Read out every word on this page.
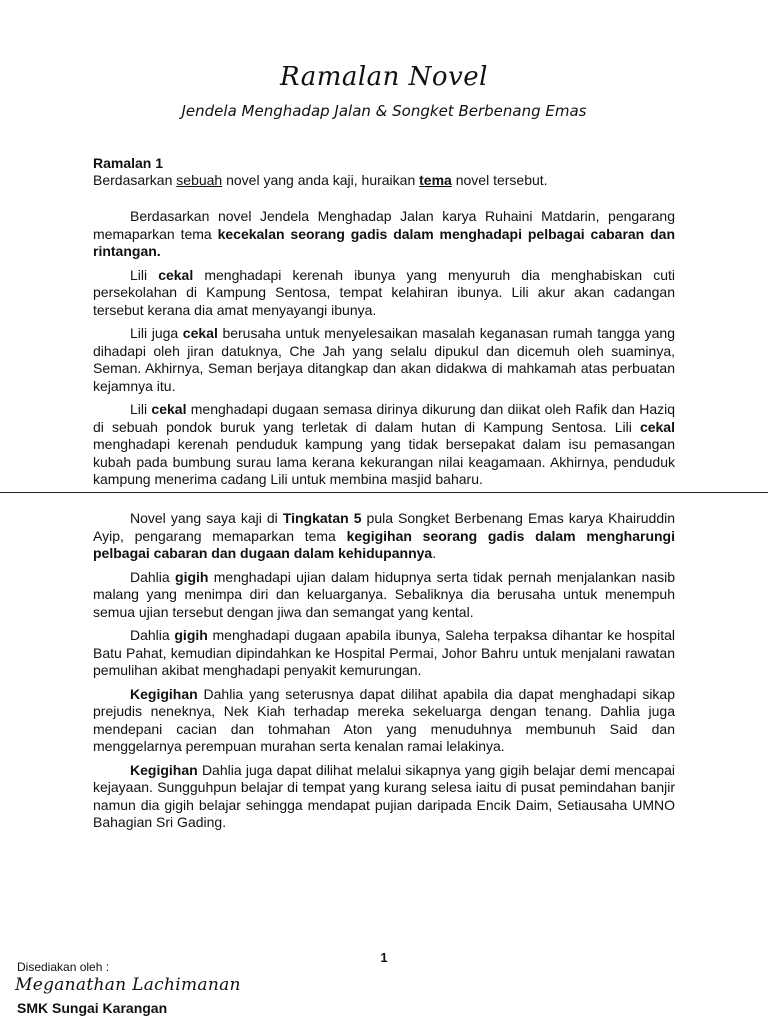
Ramalan Novel
Jendela Menghadap Jalan & Songket Berbenang Emas
Ramalan 1
Berdasarkan sebuah novel yang anda kaji, huraikan tema novel tersebut.

Berdasarkan novel Jendela Menghadap Jalan karya Ruhaini Matdarin, pengarang memaparkan tema kecekalan seorang gadis dalam menghadapi pelbagai cabaran dan rintangan.

Lili cekal menghadapi kerenah ibunya yang menyuruh dia menghabiskan cuti persekolahan di Kampung Sentosa, tempat kelahiran ibunya. Lili akur akan cadangan tersebut kerana dia amat menyayangi ibunya.

Lili juga cekal berusaha untuk menyelesaikan masalah keganasan rumah tangga yang dihadapi oleh jiran datuknya, Che Jah yang selalu dipukul dan dicemuh oleh suaminya, Seman. Akhirnya, Seman berjaya ditangkap dan akan didakwa di mahkamah atas perbuatan kejamnya itu.

Lili cekal menghadapi dugaan semasa dirinya dikurung dan diikat oleh Rafik dan Haziq di sebuah pondok buruk yang terletak di dalam hutan di Kampung Sentosa. Lili cekal menghadapi kerenah penduduk kampung yang tidak bersepakat dalam isu pemasangan kubah pada bumbung surau lama kerana kekurangan nilai keagamaan. Akhirnya, penduduk kampung menerima cadang Lili untuk membina masjid baharu.

Novel yang saya kaji di Tingkatan 5 pula Songket Berbenang Emas karya Khairuddin Ayip, pengarang memaparkan tema kegigihan seorang gadis dalam mengharungi pelbagai cabaran dan dugaan dalam kehidupannya.

Dahlia gigih menghadapi ujian dalam hidupnya serta tidak pernah menjalankan nasib malang yang menimpa diri dan keluarganya. Sebaliknya dia berusaha untuk menempuh semua ujian tersebut dengan jiwa dan semangat yang kental.

Dahlia gigih menghadapi dugaan apabila ibunya, Saleha terpaksa dihantar ke hospital Batu Pahat, kemudian dipindahkan ke Hospital Permai, Johor Bahru untuk menjalani rawatan pemulihan akibat menghadapi penyakit kemurungan.

Kegigihan Dahlia yang seterusnya dapat dilihat apabila dia dapat menghadapi sikap prejudis neneknya, Nek Kiah terhadap mereka sekeluarga dengan tenang. Dahlia juga mendepani cacian dan tohmahan Aton yang menuduhnya membunuh Said dan menggelarnya perempuan murahan serta kenalan ramai lelakinya.

Kegigihan Dahlia juga dapat dilihat melalui sikapnya yang gigih belajar demi mencapai kejayaan. Sungguhpun belajar di tempat yang kurang selesa iaitu di pusat pemindahan banjir namun dia gigih belajar sehingga mendapat pujian daripada Encik Daim, Setiausaha UMNO Bahagian Sri Gading.

1
Disediakan oleh :
Meganathan Lachimanan
SMK Sungai Karangan
